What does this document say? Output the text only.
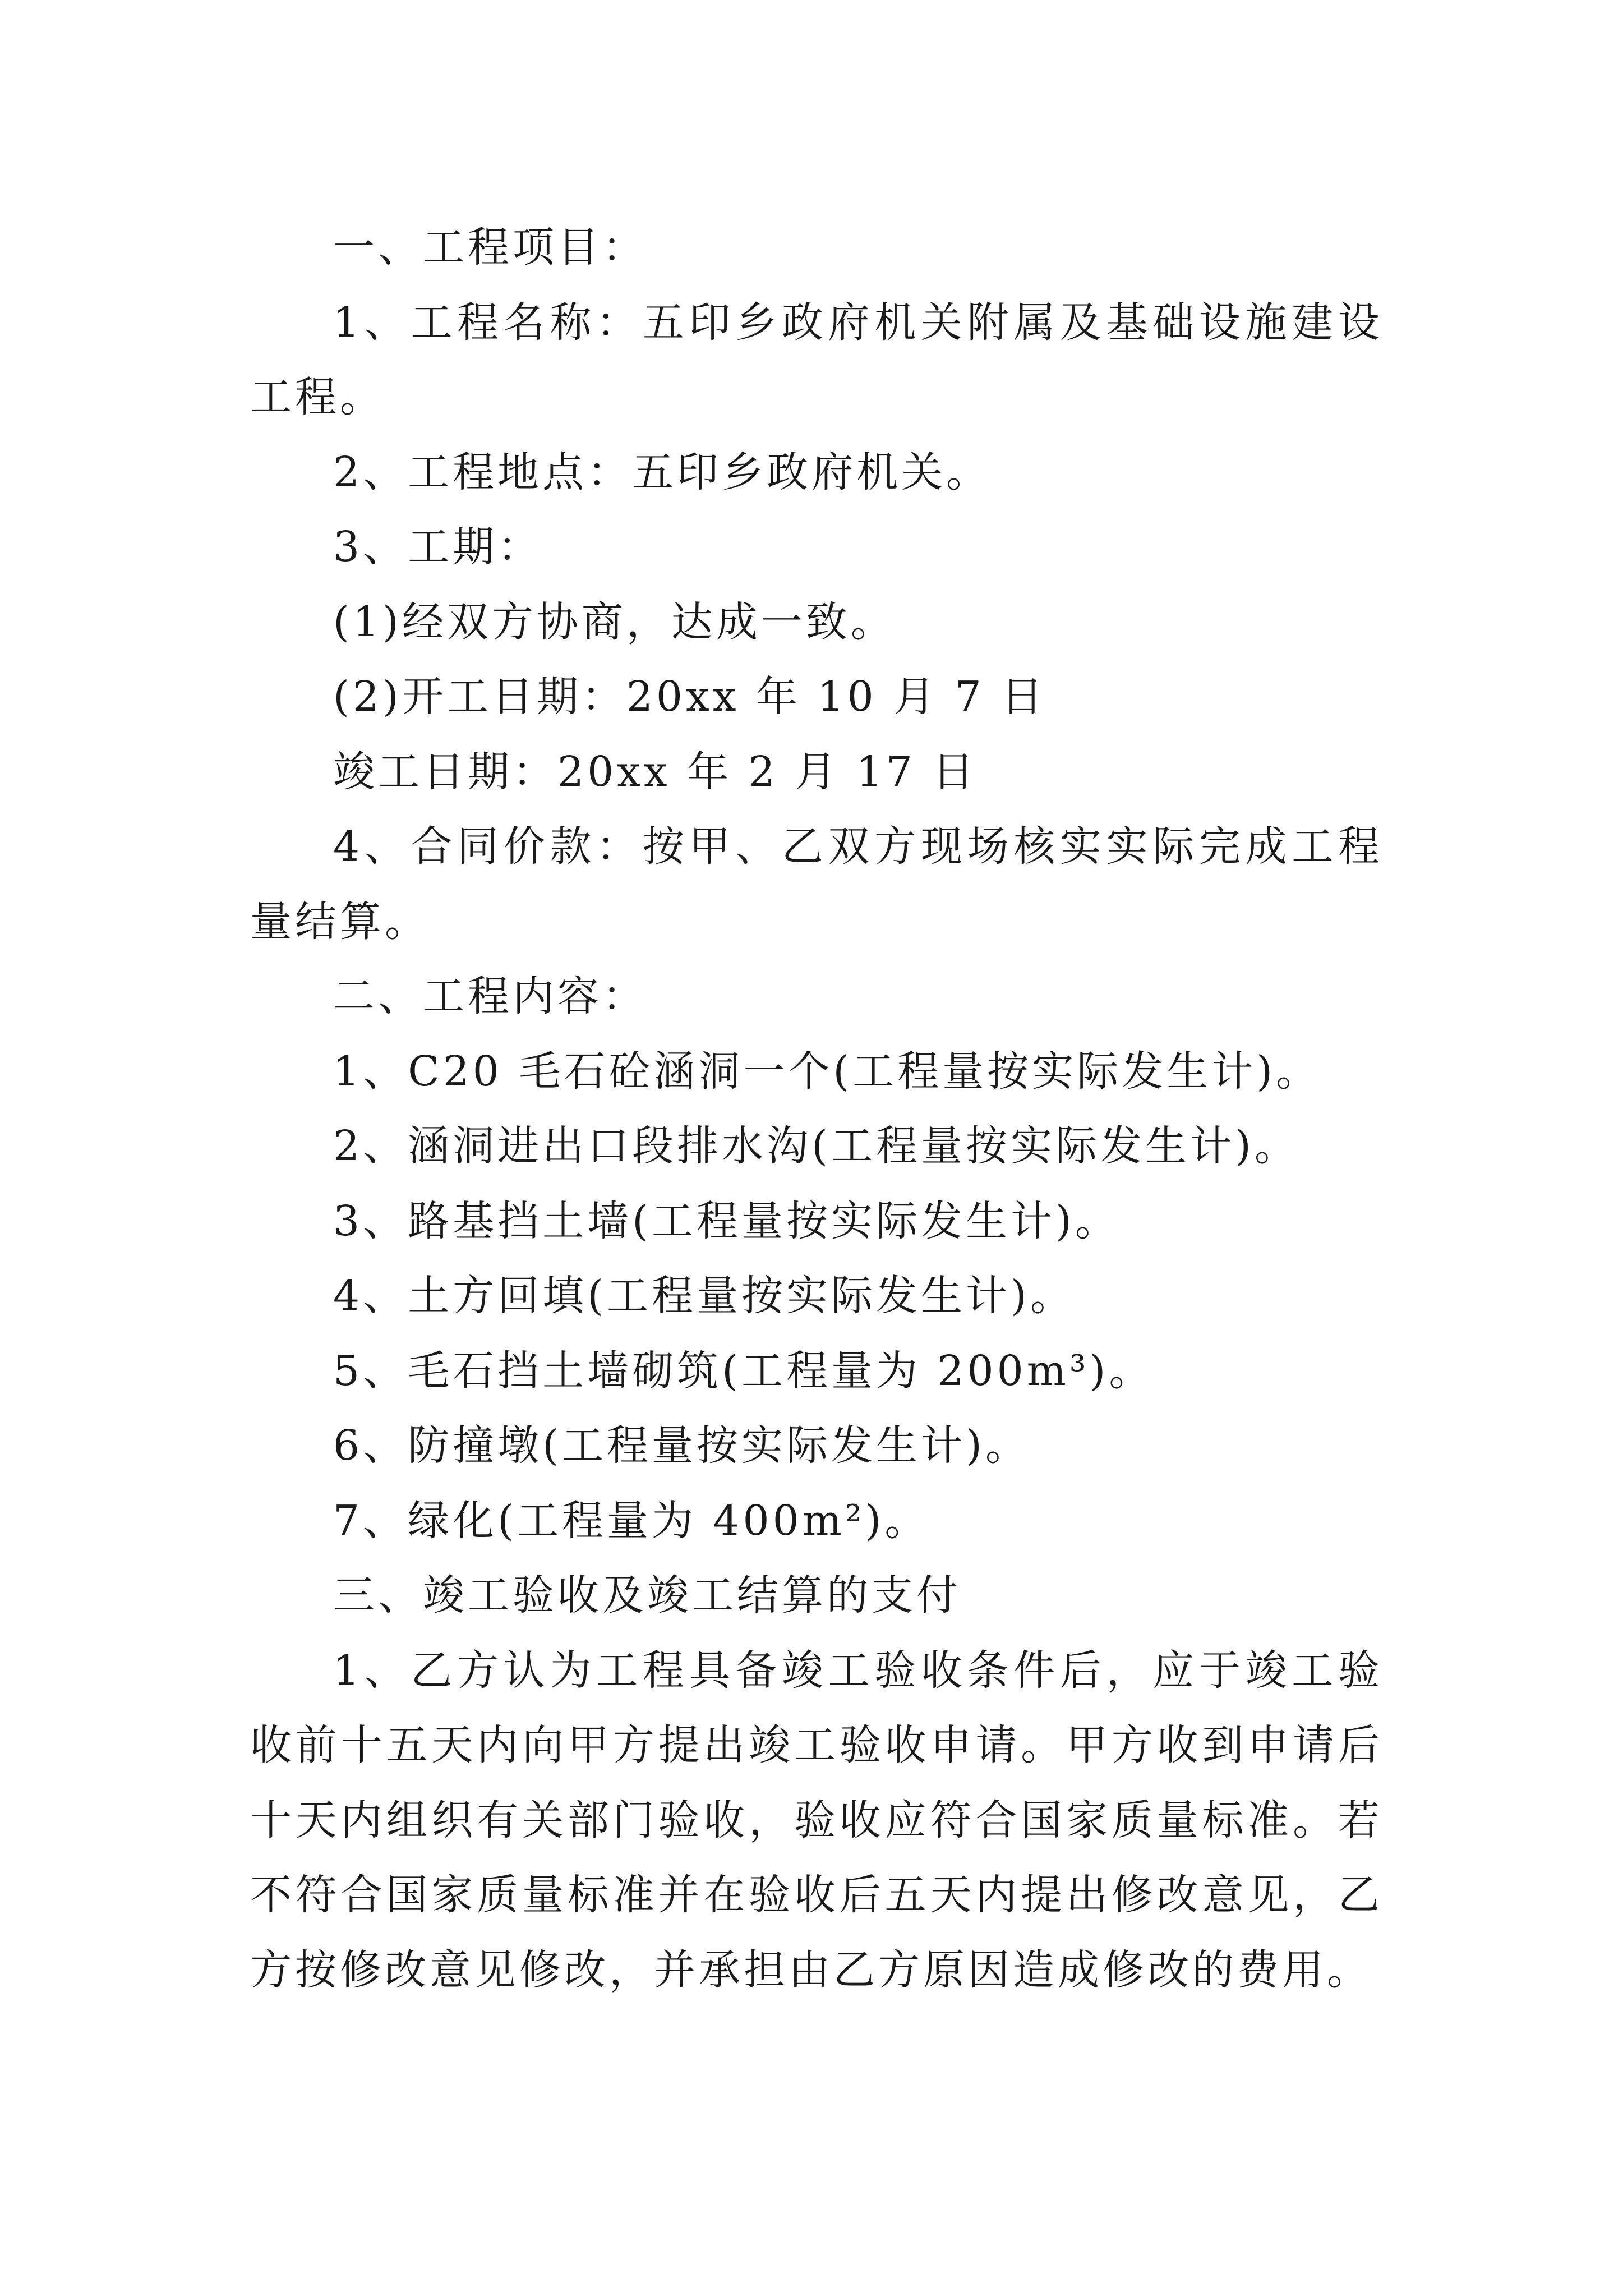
一、工程项目：

1、工程名称：五印乡政府机关附属及基础设施建设工程。

2、工程地点：五印乡政府机关。

3、工期：

(1)经双方协商，达成一致。

(2)开工日期：20xx 年 10 月 7 日

竣工日期：20xx 年 2 月 17 日

4、合同价款：按甲、乙双方现场核实实际完成工程量结算。

二、工程内容：

1、C20 毛石砼涵洞一个(工程量按实际发生计)。

2、涵洞进出口段排水沟(工程量按实际发生计)。

3、路基挡土墙(工程量按实际发生计)。

4、土方回填(工程量按实际发生计)。

5、毛石挡土墙砌筑(工程量为 200m³)。

6、防撞墩(工程量按实际发生计)。

7、绿化(工程量为 400m²)。

三、竣工验收及竣工结算的支付

1、乙方认为工程具备竣工验收条件后，应于竣工验收前十五天内向甲方提出竣工验收申请。甲方收到申请后十天内组织有关部门验收，验收应符合国家质量标准。若不符合国家质量标准并在验收后五天内提出修改意见，乙方按修改意见修改，并承担由乙方原因造成修改的费用。
